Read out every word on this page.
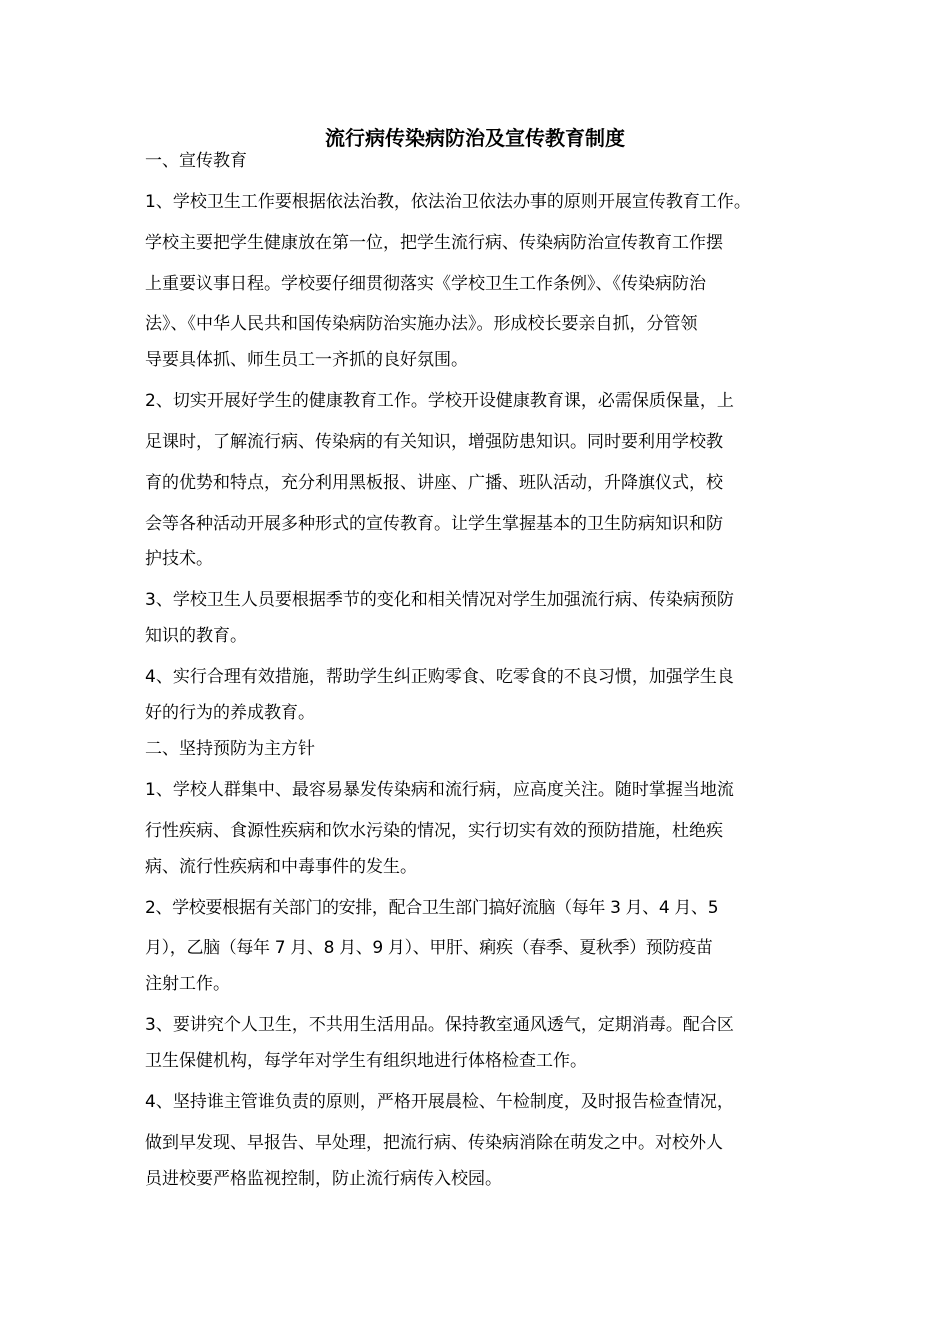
流行病传染病防治及宣传教育制度
一、宣传教育
1、学校卫生工作要根据依法治教，依法治卫依法办事的原则开展宣传教育工作。
学校主要把学生健康放在第一位，把学生流行病、传染病防治宣传教育工作摆
上重要议事日程。学校要仔细贯彻落实《学校卫生工作条例》、《传染病防治
法》、《中华人民共和国传染病防治实施办法》。形成校长要亲自抓，分管领
导要具体抓、师生员工一齐抓的良好氛围。
2、切实开展好学生的健康教育工作。学校开设健康教育课，必需保质保量，上
足课时，了解流行病、传染病的有关知识，增强防患知识。同时要利用学校教
育的优势和特点，充分利用黑板报、讲座、广播、班队活动，升降旗仪式，校
会等各种活动开展多种形式的宣传教育。让学生掌握基本的卫生防病知识和防
护技术。
3、学校卫生人员要根据季节的变化和相关情况对学生加强流行病、传染病预防
知识的教育。
4、实行合理有效措施，帮助学生纠正购零食、吃零食的不良习惯，加强学生良
好的行为的养成教育。
二、坚持预防为主方针
1、学校人群集中、最容易暴发传染病和流行病，应高度关注。随时掌握当地流
行性疾病、食源性疾病和饮水污染的情况，实行切实有效的预防措施，杜绝疾
病、流行性疾病和中毒事件的发生。
2、学校要根据有关部门的安排，配合卫生部门搞好流脑（每年 3 月、4 月、5
月），乙脑（每年 7 月、8 月、9 月）、甲肝、痢疾（春季、夏秋季）预防疫苗
注射工作。
3、要讲究个人卫生，不共用生活用品。保持教室通风透气，定期消毒。配合区
卫生保健机构，每学年对学生有组织地进行体格检查工作。
4、坚持谁主管谁负责的原则，严格开展晨检、午检制度，及时报告检查情况，
做到早发现、早报告、早处理，把流行病、传染病消除在萌发之中。对校外人
员进校要严格监视控制，防止流行病传入校园。
